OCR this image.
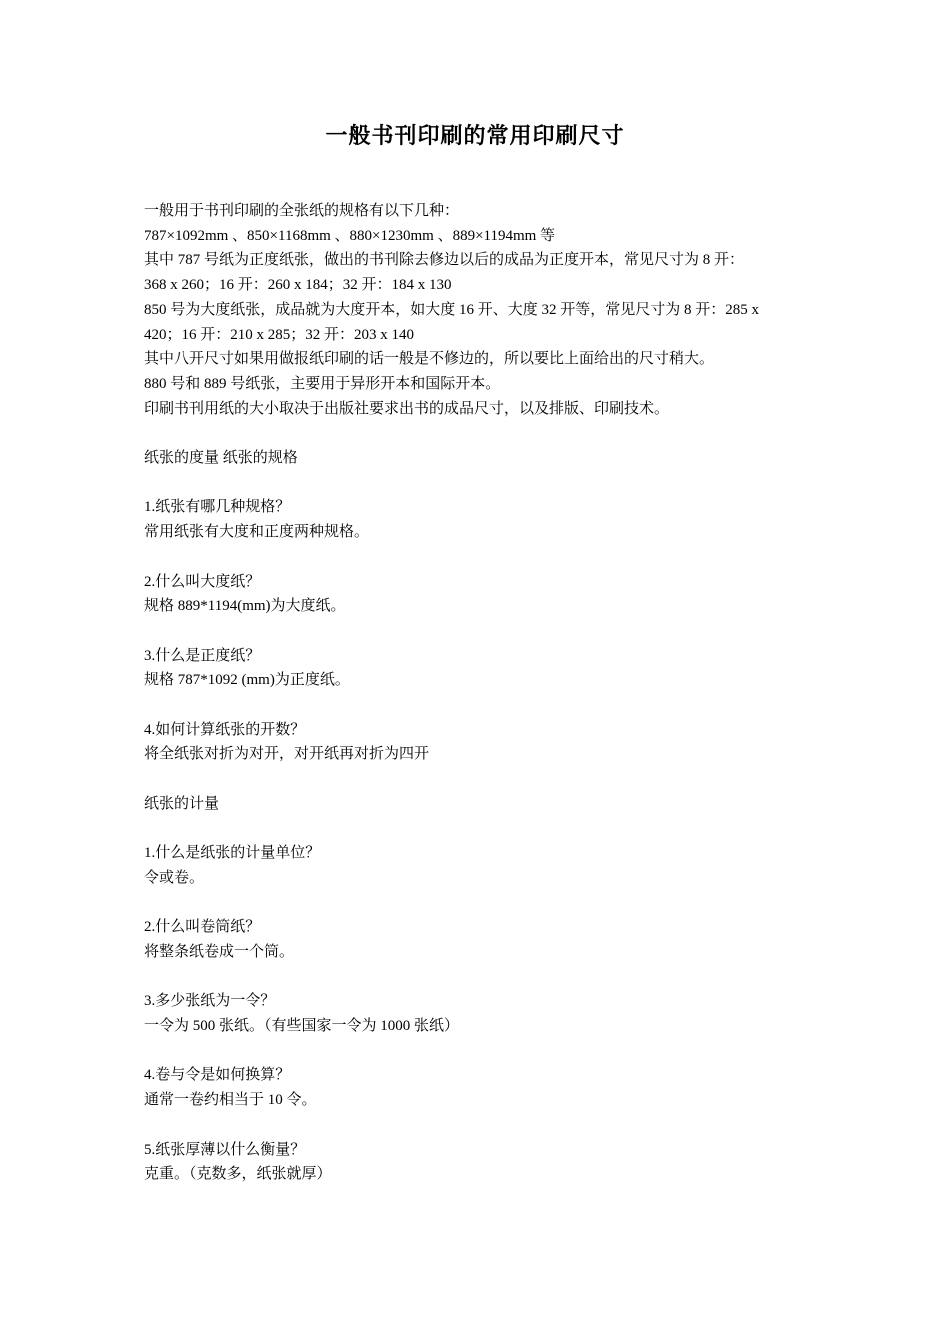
一般书刊印刷的常用印刷尺寸
一般用于书刊印刷的全张纸的规格有以下几种：
787×1092mm 、850×1168mm 、880×1230mm 、889×1194mm 等
其中 787 号纸为正度纸张，做出的书刊除去修边以后的成品为正度开本，常见尺寸为 8 开：
368 x 260；16 开：260 x 184；32 开：184 x 130
850 号为大度纸张，成品就为大度开本，如大度 16 开、大度 32 开等，常见尺寸为 8 开：285 x
420；16 开：210 x 285；32 开：203 x 140
其中八开尺寸如果用做报纸印刷的话一般是不修边的，所以要比上面给出的尺寸稍大。
880 号和 889 号纸张，主要用于异形开本和国际开本。
印刷书刊用纸的大小取决于出版社要求出书的成品尺寸，以及排版、印刷技术。
纸张的度量 纸张的规格
1.纸张有哪几种规格？
常用纸张有大度和正度两种规格。
2.什么叫大度纸？
规格 889*1194(mm)为大度纸。
3.什么是正度纸？
规格 787*1092 (mm)为正度纸。
4.如何计算纸张的开数？
将全纸张对折为对开，对开纸再对折为四开
纸张的计量
1.什么是纸张的计量单位？
令或卷。
2.什么叫卷筒纸？
将整条纸卷成一个筒。
3.多少张纸为一令？
一令为 500 张纸。（有些国家一令为 1000 张纸）
4.卷与令是如何换算？
通常一卷约相当于 10 令。
5.纸张厚薄以什么衡量？
克重。（克数多，纸张就厚）
